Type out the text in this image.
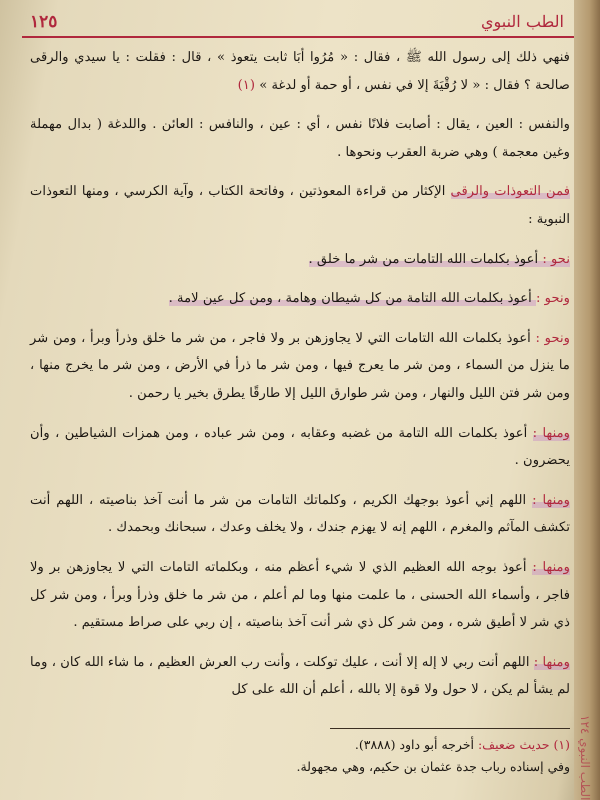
١٢٥	الطب النبوي

فنهي ذلك إلى رسول الله ﷺ ، فقال : « مُرُوا أبَا ثابت يتعوذ » ، قال : فقلت : يا سيدي والرقى صالحة ؟ فقال : « لا رُقْيَةَ إلا في نفس ، أو حمة أو لدغة » (١)

والنفس : العين ، يقال : أصابت فلانًا نفس ، أي : عين ، والنافس : العائن . واللدغة ( بدال مهملة وغين معجمة ) وهي ضربة العقرب ونحوها .

فمن التعوذات والرقى الإكثار من قراءة المعوذتين ، وفاتحة الكتاب ، وآية الكرسي ، ومنها التعوذات النبوية :

نحو : أعوذ بكلمات الله التامات من شر ما خلق .

ونحو : أعوذ بكلمات الله التامة من كل شيطان وهامة ، ومن كل عين لامة .

ونحو : أعوذ بكلمات الله التامات التي لا يجاوزهن بر ولا فاجر ، من شر ما خلق وذرأ وبرأ ، ومن شر ما ينزل من السماء ، ومن شر ما يعرج فيها ، ومن شر ما ذرأ في الأرض ، ومن شر ما يخرج منها ، ومن شر فتن الليل والنهار ، ومن شر طوارق الليل إلا طارقًا يطرق بخير يا رحمن .

ومنها : أعوذ بكلمات الله التامة من غضبه وعقابه ، ومن شر عباده ، ومن همزات الشياطين ، وأن يحضرون .

ومنها : اللهم إني أعوذ بوجهك الكريم ، وكلماتك التامات من شر ما أنت آخذ بناصيته ، اللهم أنت تكشف المآثم والمغرم ، اللهم إنه لا يهزم جندك ، ولا يخلف وعدك ، سبحانك وبحمدك .

ومنها : أعوذ بوجه الله العظيم الذي لا شيء أعظم منه ، وبكلماته التامات التي لا يجاوزهن بر ولا فاجر ، وأسماء الله الحسنى ، ما علمت منها وما لم أعلم ، من شر ما خلق وذرأ وبرأ ، ومن شر كل ذي شر لا أطيق شره ، ومن شر كل ذي شر أنت آخذ بناصيته ، إن ربي على صراط مستقيم .

ومنها : اللهم أنت ربي لا إله إلا أنت ، عليك توكلت ، وأنت رب العرش العظيم ، ما شاء الله كان ، وما لم يشأ لم يكن ، لا حول ولا قوة إلا بالله ، أعلم أن الله على كل

(١) حديث ضعيف: أخرجه أبو داود (٣٨٨٨).

وفي إسناده رباب جدة عثمان بن حكيم، وهي مجهولة.

الطب النبوي ١٢٤
